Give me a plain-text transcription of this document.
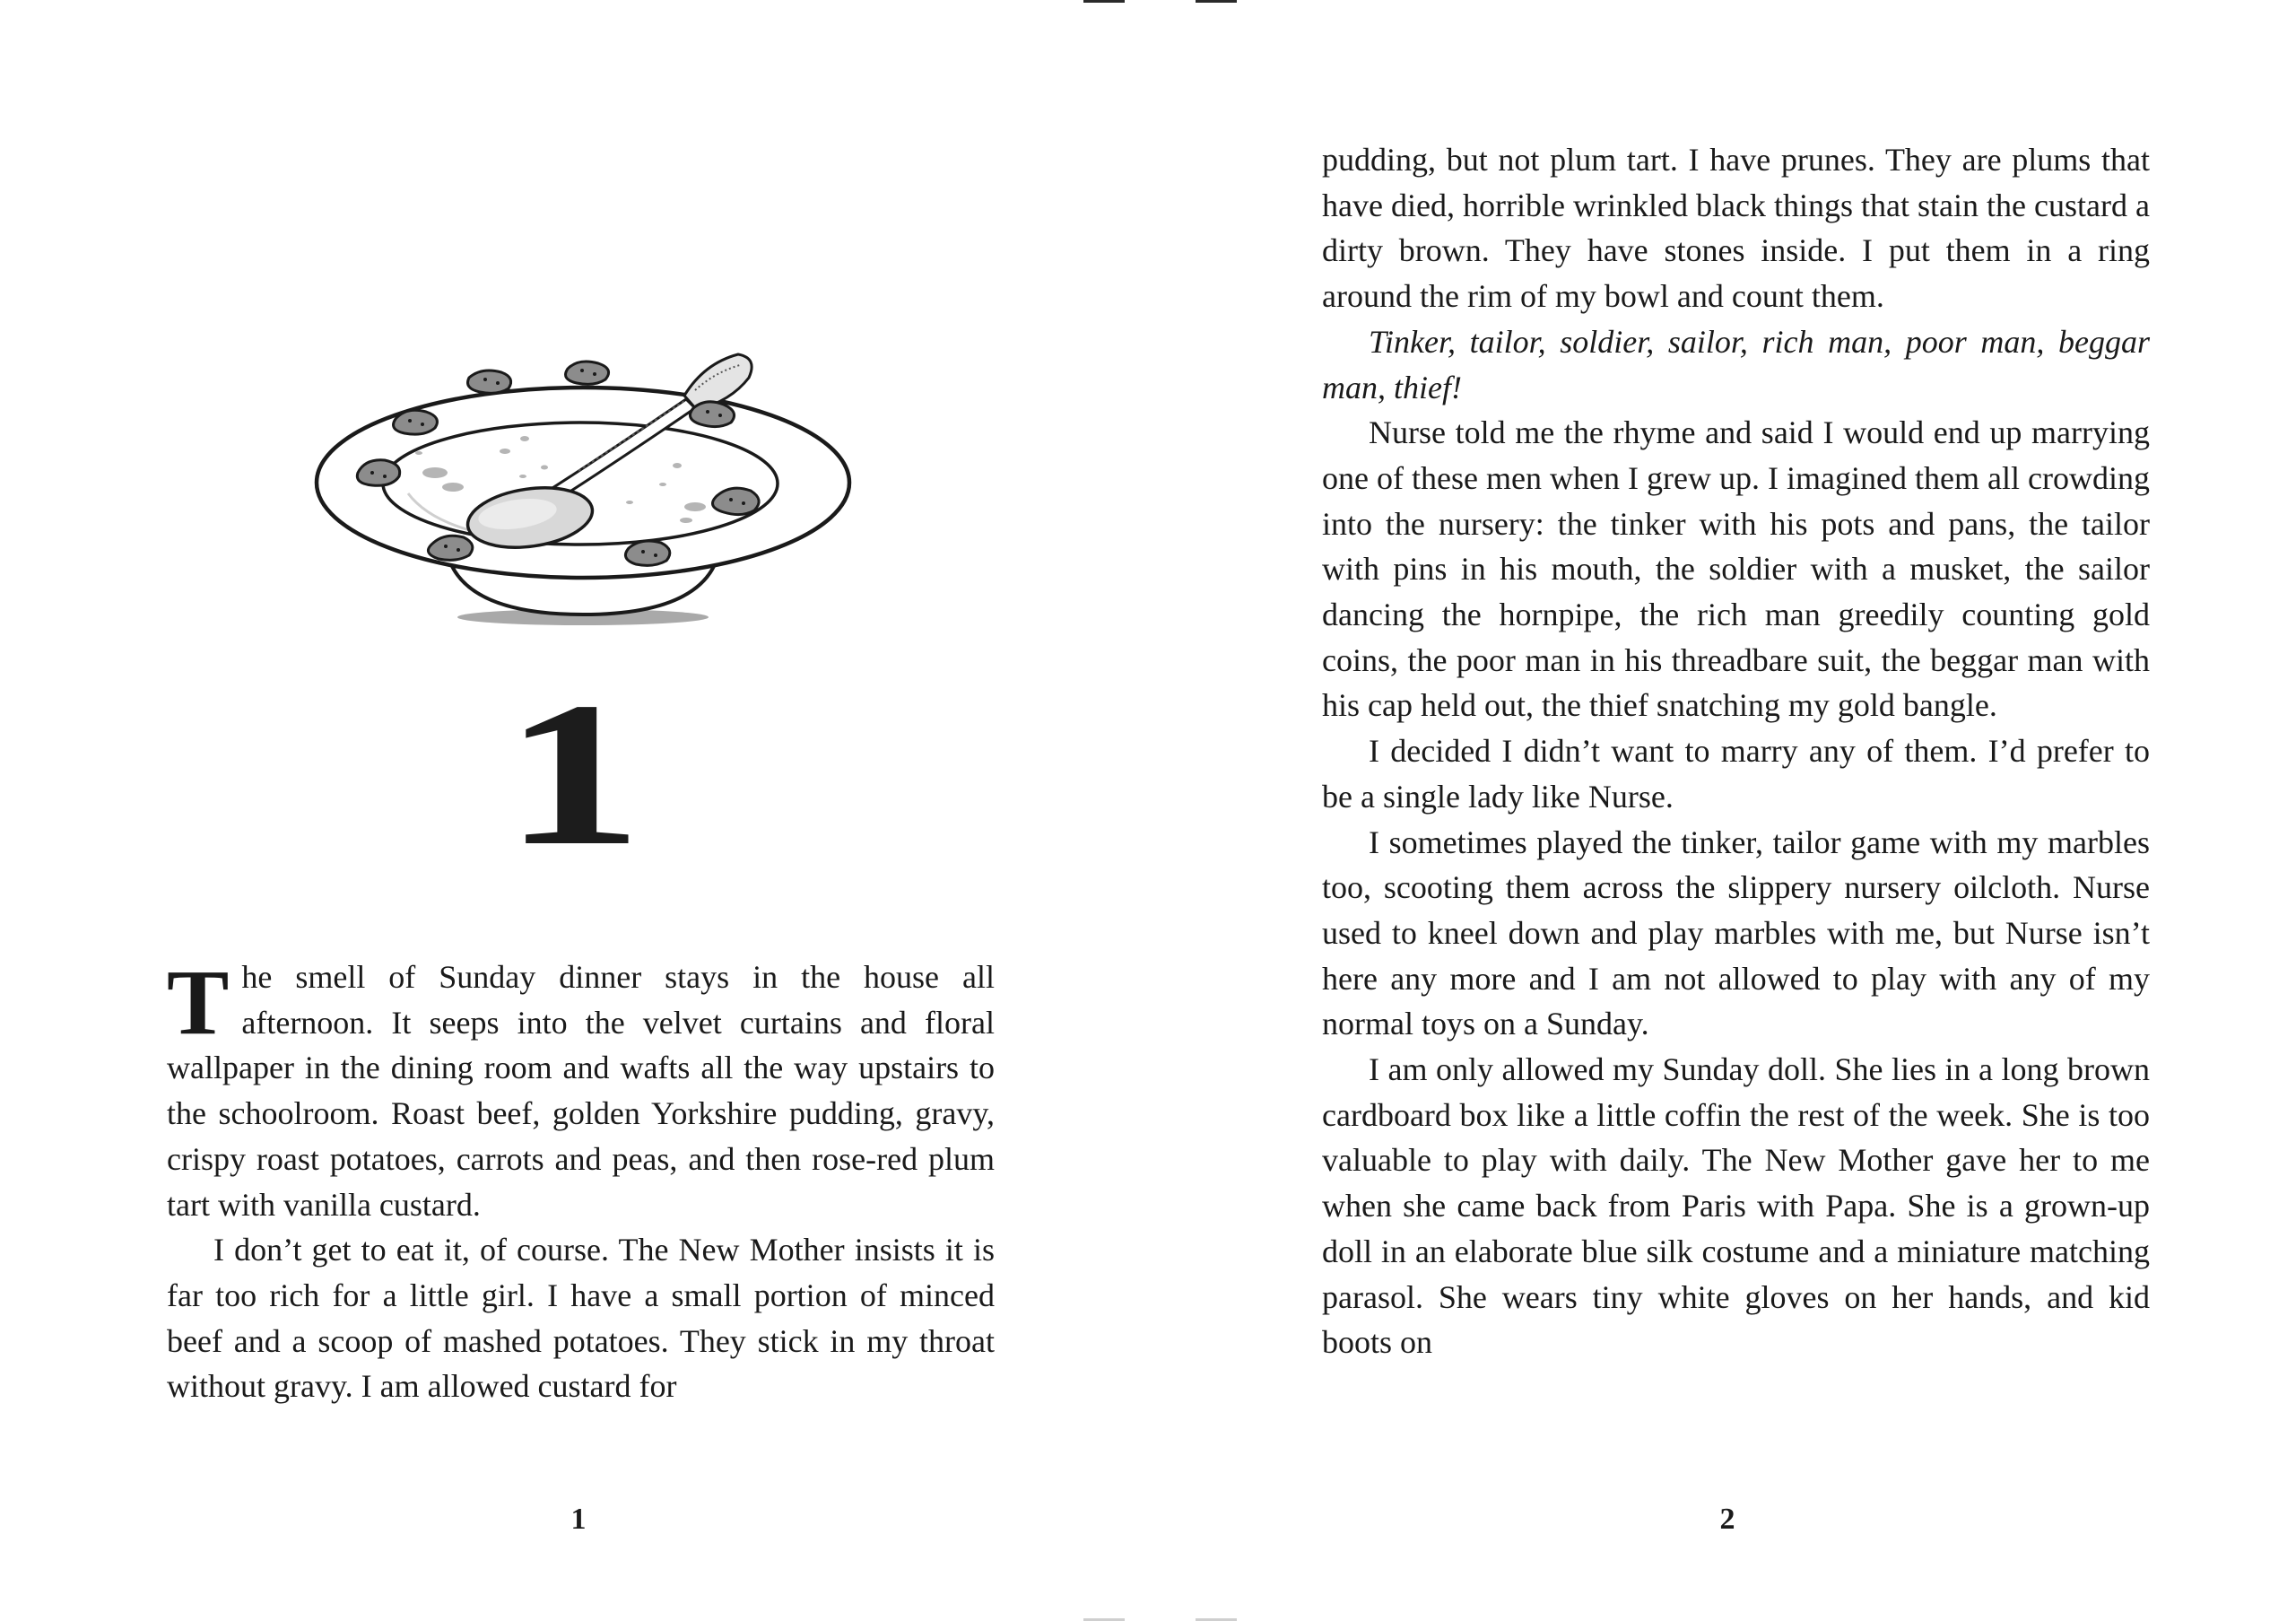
1

The smell of Sunday dinner stays in the house all afternoon. It seeps into the velvet curtains and floral wallpaper in the dining room and wafts all the way upstairs to the schoolroom. Roast beef, golden Yorkshire pudding, gravy, crispy roast potatoes, carrots and peas, and then rose-red plum tart with vanilla custard.

I don’t get to eat it, of course. The New Mother insists it is far too rich for a little girl. I have a small portion of minced beef and a scoop of mashed potatoes. They stick in my throat without gravy. I am allowed custard for

1

pudding, but not plum tart. I have prunes. They are plums that have died, horrible wrinkled black things that stain the custard a dirty brown. They have stones inside. I put them in a ring around the rim of my bowl and count them.

Tinker, tailor, soldier, sailor, rich man, poor man, beggar man, thief!

Nurse told me the rhyme and said I would end up marrying one of these men when I grew up. I imagined them all crowding into the nursery: the tinker with his pots and pans, the tailor with pins in his mouth, the soldier with a musket, the sailor dancing the hornpipe, the rich man greedily counting gold coins, the poor man in his threadbare suit, the beggar man with his cap held out, the thief snatching my gold bangle.

I decided I didn’t want to marry any of them. I’d prefer to be a single lady like Nurse.

I sometimes played the tinker, tailor game with my marbles too, scooting them across the slippery nursery oilcloth. Nurse used to kneel down and play marbles with me, but Nurse isn’t here any more and I am not allowed to play with any of my normal toys on a Sunday.

I am only allowed my Sunday doll. She lies in a long brown cardboard box like a little coffin the rest of the week. She is too valuable to play with daily. The New Mother gave her to me when she came back from Paris with Papa. She is a grown-up doll in an elaborate blue silk costume and a miniature matching parasol. She wears tiny white gloves on her hands, and kid boots on

2
